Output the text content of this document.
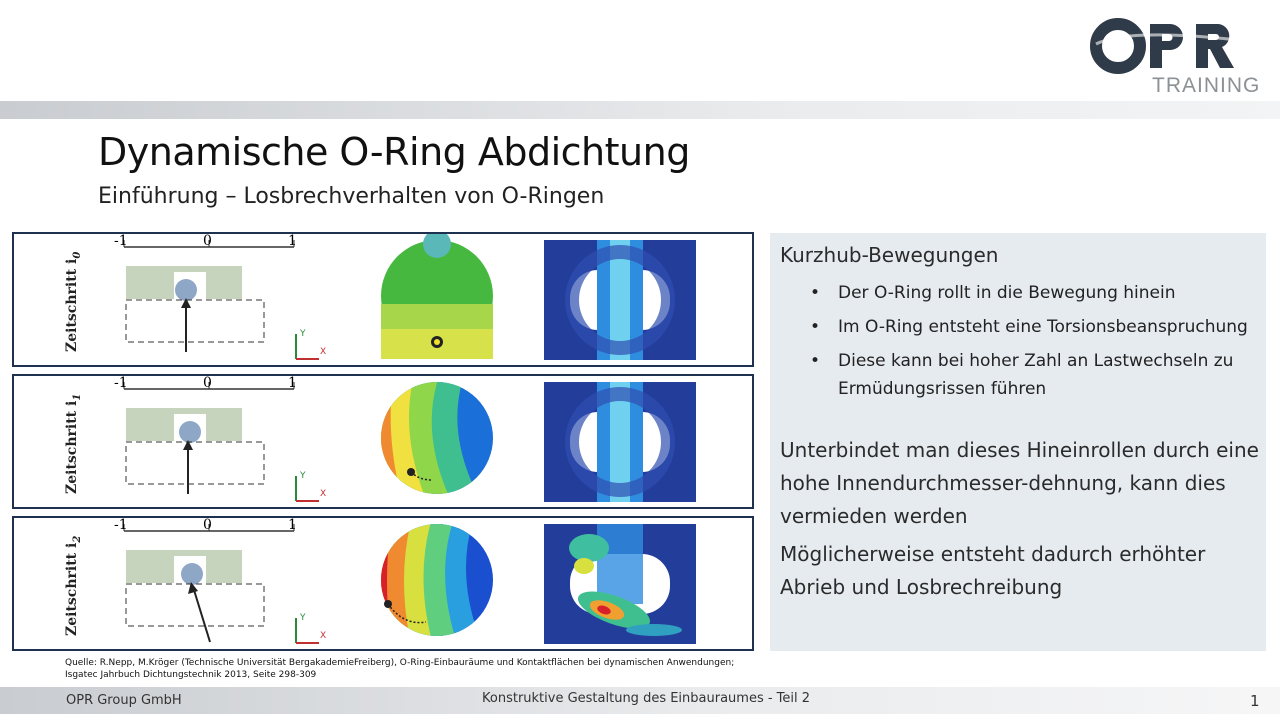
TRAINING
Dynamische O-Ring Abdichtung
Einführung – Losbrechverhalten von O-Ringen
Zeitschritt $i_0$
-1	0	1
Y
X
Zeitschritt $i_1$
-1	0	1
Y
X
Zeitschritt $i_2$
-1	0	1
Y
X
Kurzhub-Bewegungen
• Der O-Ring rollt in die Bewegung hinein
• Im O-Ring entsteht eine Torsionsbeanspruchung
• Diese kann bei hoher Zahl an Lastwechseln zu Ermüdungsrissen führen
Unterbindet man dieses Hineinrollen durch eine hohe Innendurchmesser-dehnung, kann dies vermieden werden
Möglicherweise entsteht dadurch erhöhter Abrieb und Losbrechreibung
Quelle: R.Nepp, M.Kröger (Technische Universität BergakademieFreiberg), O-Ring-Einbauräume und Kontaktflächen bei dynamischen Anwendungen; Isgatec Jahrbuch Dichtungstechnik 2013, Seite 298-309
OPR Group GmbH	Konstruktive Gestaltung des Einbauraumes - Teil 2	1
